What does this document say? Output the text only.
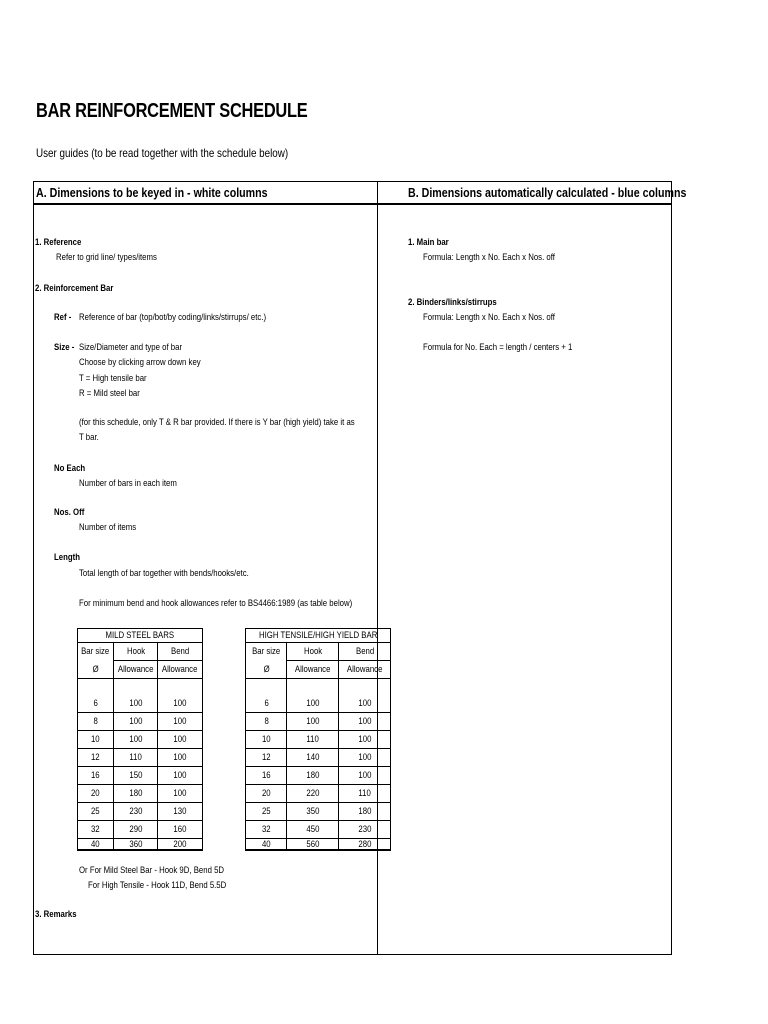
BAR REINFORCEMENT SCHEDULE
User guides (to be read together with the schedule below)
A. Dimensions to be keyed in - white columns	B. Dimensions automatically calculated - blue columns
1. Reference
Refer to grid line/ types/items
2. Reinforcement Bar
Ref - Reference of bar (top/bot/by coding/links/stirrups/ etc.)
Size - Size/Diameter and type of bar
Choose by clicking arrow down key
T = High tensile bar
R = Mild steel bar
(for this schedule, only T & R bar provided. If there is Y bar (high yield) take it as
T bar.
No Each
Number of bars in each item
Nos. Off
Number of items
Length
Total length of bar together with bends/hooks/etc.
For minimum bend and hook allowances refer to BS4466:1989 (as table below)
MILD STEEL BARS		
Bar size	Hook	Bend
Ø	Allowance	Allowance

6	100	100
8	100	100
10	100	100
12	110	100
16	150	100
20	180	100
25	230	130
32	290	160
40	360	200
HIGH TENSILE/HIGH YIELD BAR		
Bar size	Hook	Bend
Ø	Allowance	Allowance

6	100	100
8	100	100
10	110	100
12	140	100
16	180	100
20	220	110
25	350	180
32	450	230
40	560	280
Or For Mild Steel Bar - Hook 9D, Bend 5D
For High Tensile - Hook 11D, Bend 5.5D
3. Remarks
1. Main bar
Formula: Length x No. Each x Nos. off
2. Binders/links/stirrups
Formula: Length x No. Each x Nos. off
Formula for No. Each = length / centers + 1
